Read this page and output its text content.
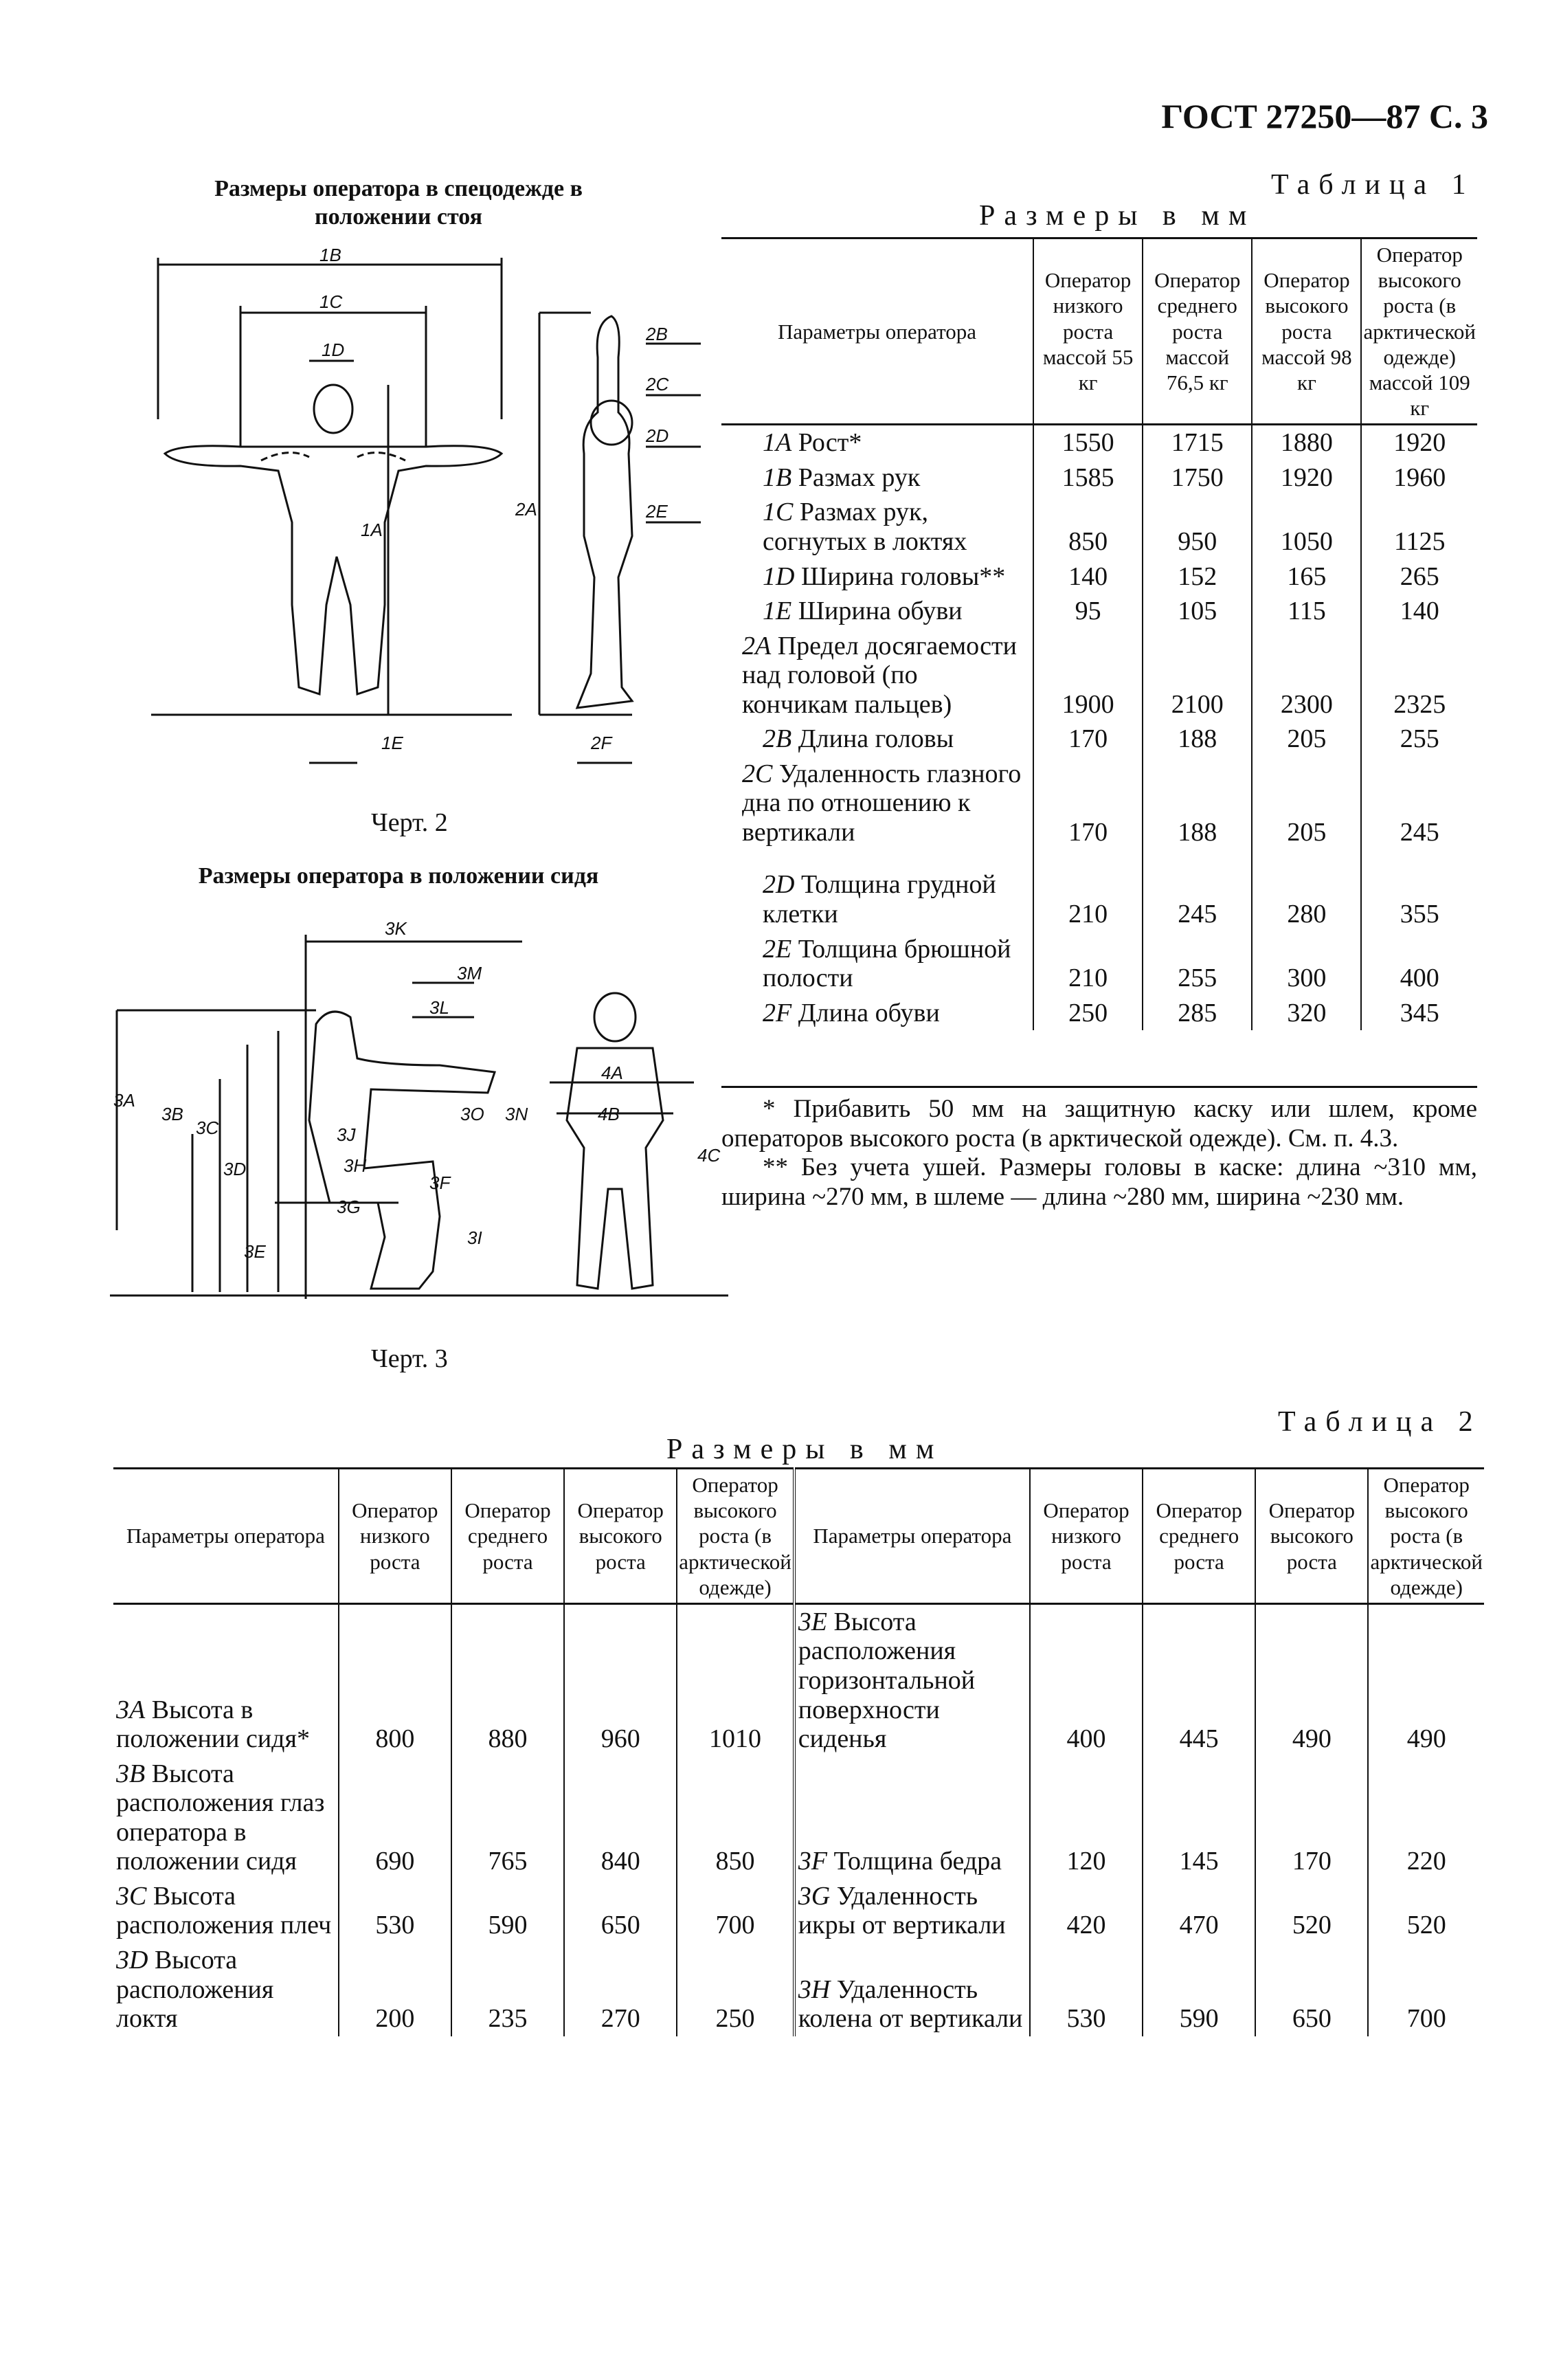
ГОСТ 27250—87 С. 3
Размеры оператора в спецодежде в положении стоя
1B
1C
1D
1A
1E
2A
2B
2C
2D
2E
2F
Черт. 2
Размеры оператора в положении сидя
3K
3M
3L
3A
3B
3C
3D
3E
3J
3H
3G
3O 3N
3F
3I
4A
4B
4C
Черт. 3
Таблица 1
Размеры в мм
Параметры оператора	Оператор низкого роста массой 55 кг	Оператор среднего роста массой 76,5 кг	Оператор высокого роста массой 98 кг	Оператор высокого роста (в арктической одежде) массой 109 кг
1A Рост*	1550	1715	1880	1920
1B Размах рук	1585	1750	1920	1960
1C Размах рук, согнутых в локтях	850	950	1050	1125
1D Ширина головы**	140	152	165	265
1E Ширина обуви	95	105	115	140
2A Предел досягаемости над головой (по кончикам пальцев)	1900	2100	2300	2325
2B Длина головы	170	188	205	255
2C Удаленность глазного дна по отношению к вертикали	170	188	205	245

2D Толщина грудной клетки	210	245	280	355
2E Толщина брюшной полости	210	255	300	400
2F Длина обуви	250	285	320	345
* Прибавить 50 мм на защитную каску или шлем, кроме операторов высокого роста (в арктической одежде). См. п. 4.3.
** Без учета ушей. Размеры головы в каске: длина ~310 мм, ширина ~270 мм, в шлеме — длина ~280 мм, ширина ~230 мм.
Таблица 2
Размеры в мм
Параметры оператора	Оператор низкого роста	Оператор среднего роста	Оператор высокого роста	Оператор высокого роста (в арктической одежде)	Параметры оператора	Оператор низкого роста	Оператор среднего роста	Оператор высокого роста	Оператор высокого роста (в арктической одежде)
3A Высота в положении сидя*	800	880	960	1010	3E Высота расположения горизонтальной поверхности сиденья	400	445	490	490
3B Высота расположения глаз оператора в положении сидя	690	765	840	850	3F Толщина бедра	120	145	170	220
3C Высота расположения плеч	530	590	650	700	3G Удаленность икры от вертикали	420	470	520	520
3D Высота расположения локтя	200	235	270	250	3H Удаленность колена от вертикали	530	590	650	700
